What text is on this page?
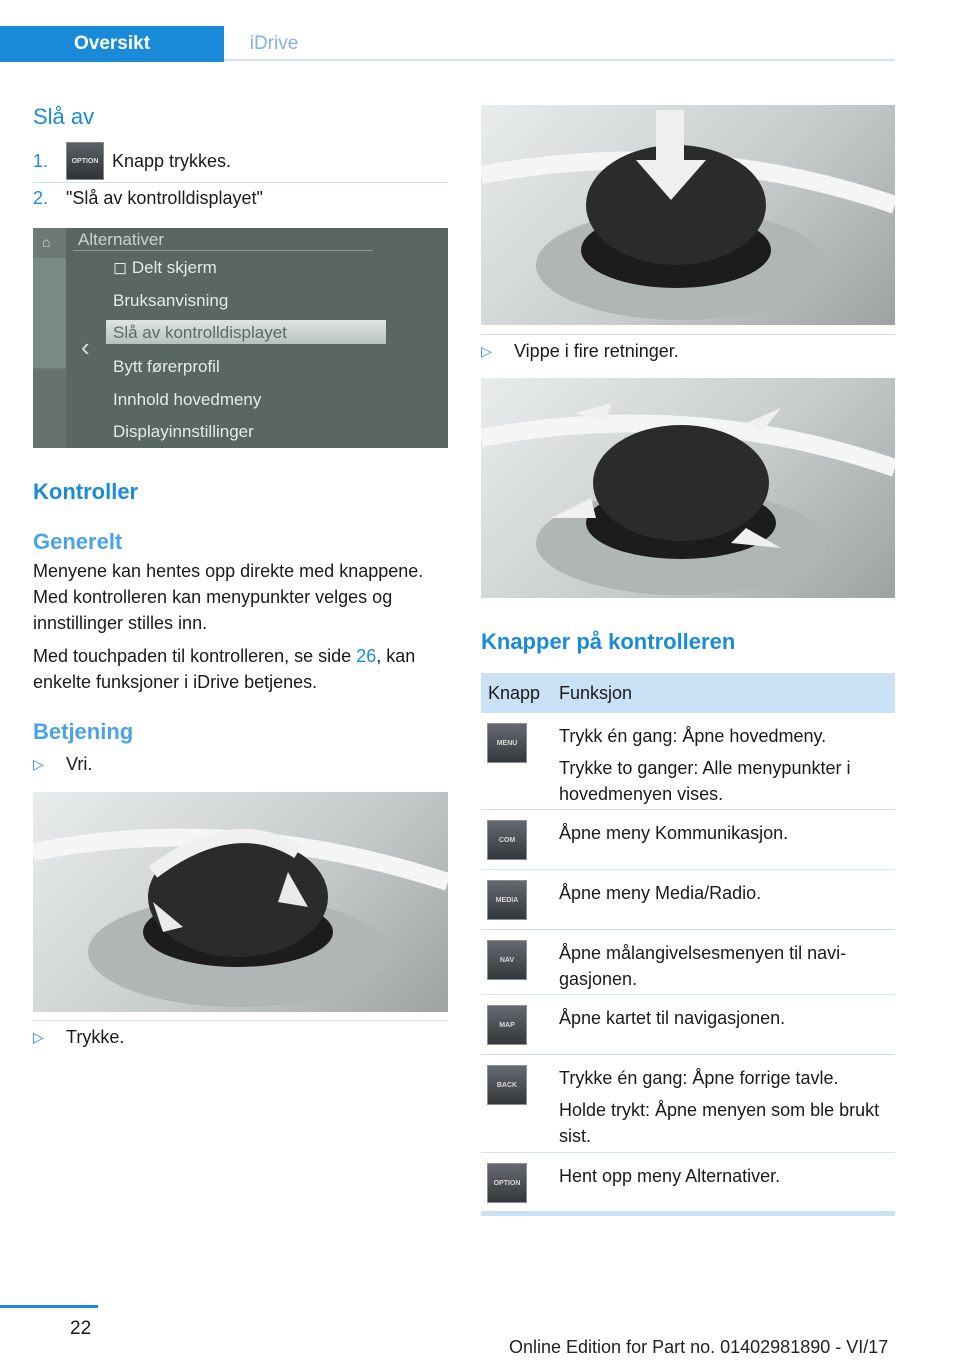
Oversikt	iDrive
Slå av
1.	OPTION Knapp trykkes.
2. "Slå av kontrolldisplayet"
⌂ Alternativer
‹
◻ Delt skjerm
Bruksanvisning
Slå av kontrolldisplayet
Bytt førerprofil
Innhold hovedmeny
Displayinnstillinger
Kontroller
Generelt

Menyene kan hentes opp direkte med knappene. Med kontrolleren kan menypunkter velges og innstillinger stilles inn.

Med touchpaden til kontrolleren, se side 26, kan enkelte funksjoner i iDrive betjenes.

Betjening
▷ Vri.
▷ Trykke.
▷ Vippe i fire retninger.
Knapper på kontrolleren
Knapp	Funksjon
MENU	Trykk én gang: Åpne hovedmeny.

Trykke to ganger: Alle menypunkter i hovedmenyen vises.

COM	Åpne meny Kommunikasjon.

MEDIA	Åpne meny Media/Radio.

NAV	Åpne målangivelsesmenyen til navigasjonen.

MAP	Åpne kartet til navigasjonen.

BACK	Trykke én gang: Åpne forrige tavle.

Holde trykt: Åpne menyen som ble brukt sist.

OPTION	Hent opp meny Alternativer.

22
Online Edition for Part no. 01402981890 - VI/17
